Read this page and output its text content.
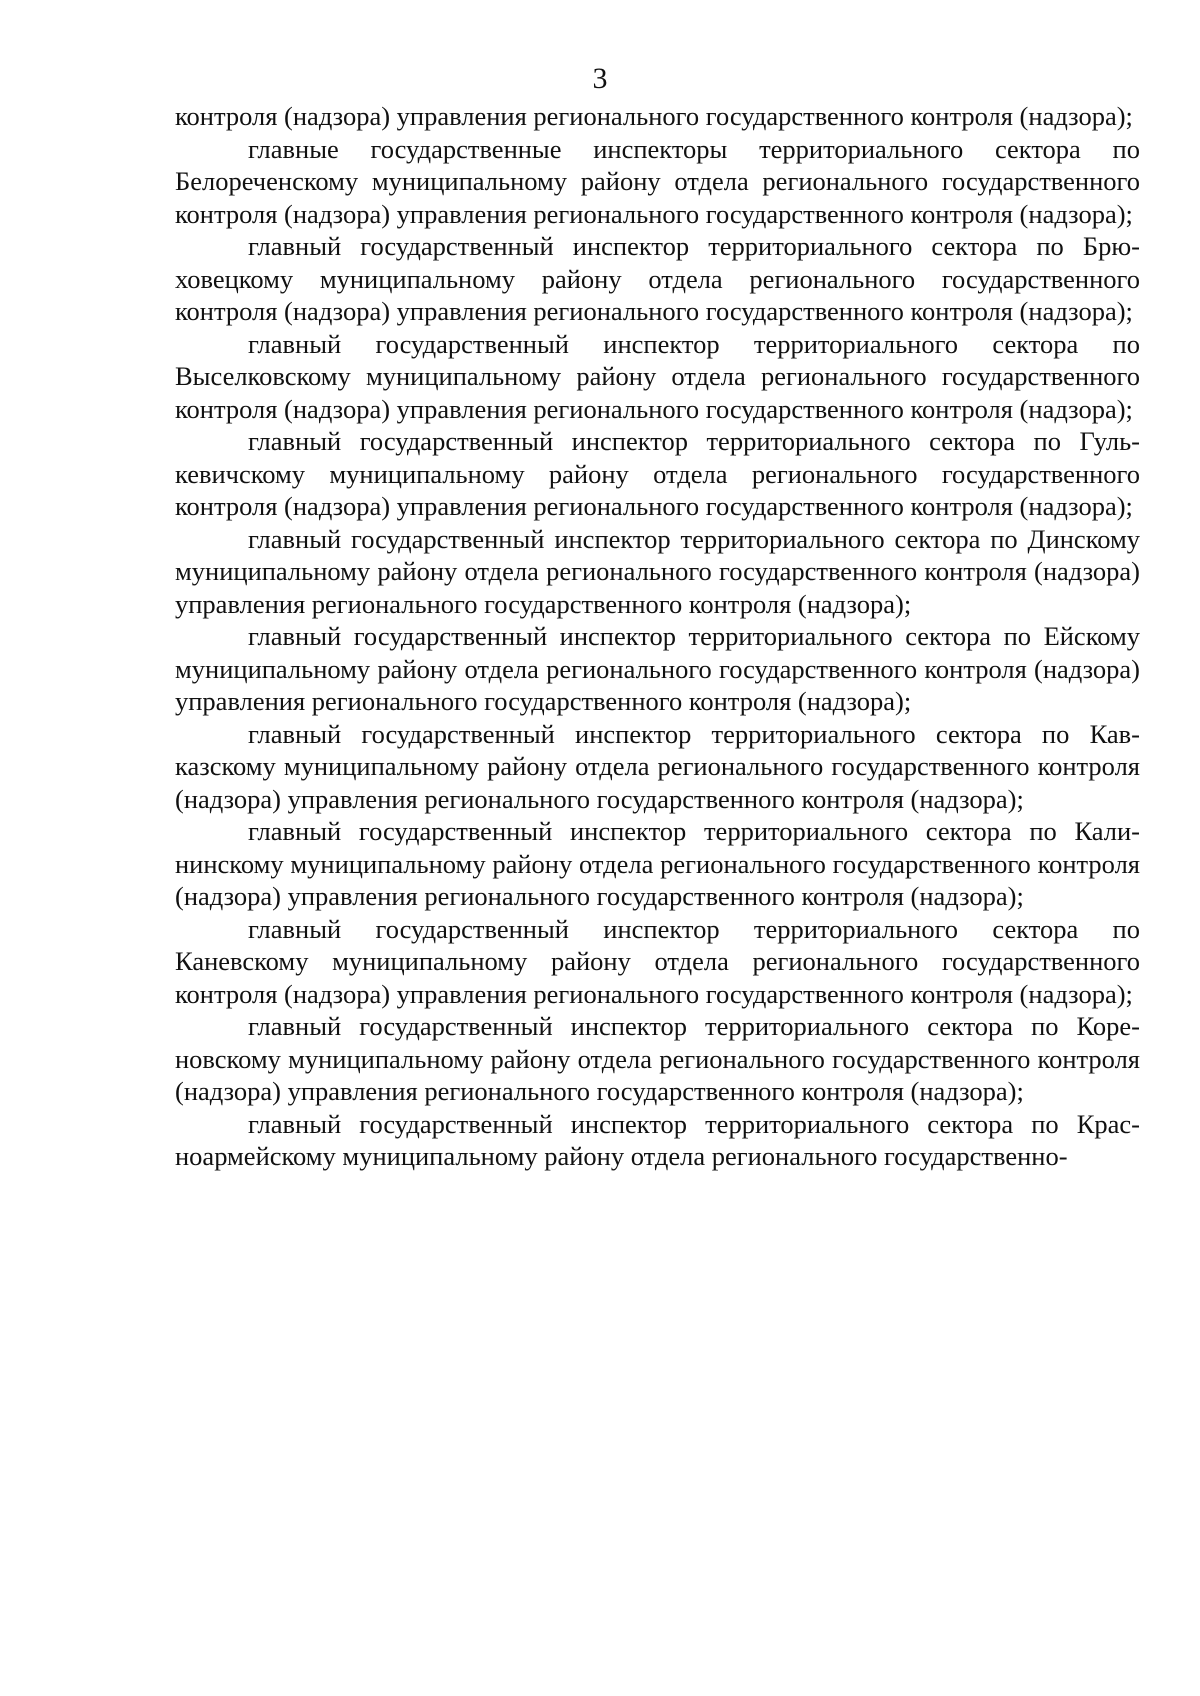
3

контроля (надзора) управления регионального государственного контроля (надзора);

главные государственные инспекторы территориального сектора по Белореченскому муниципальному району отдела регионального государственного контроля (надзора) управления регионального государственного контроля (надзора);

главный государственный инспектор территориального сектора по Брюховецкому муниципальному району отдела регионального государственного контроля (надзора) управления регионального государственного контроля (надзора);

главный государственный инспектор территориального сектора по Выселковскому муниципальному району отдела регионального государственного контроля (надзора) управления регионального государственного контроля (надзора);

главный государственный инспектор территориального сектора по Гулькевичскому муниципальному району отдела регионального государственного контроля (надзора) управления регионального государственного контроля (надзора);

главный государственный инспектор территориального сектора по Динскому муниципальному району отдела регионального государственного контроля (надзора) управления регионального государственного контроля (надзора);

главный государственный инспектор территориального сектора по Ейскому муниципальному району отдела регионального государственного контроля (надзора) управления регионального государственного контроля (надзора);

главный государственный инспектор территориального сектора по Кавказскому муниципальному району отдела регионального государственного контроля (надзора) управления регионального государственного контроля (надзора);

главный государственный инспектор территориального сектора по Калининскому муниципальному району отдела регионального государственного контроля (надзора) управления регионального государственного контроля (надзора);

главный государственный инспектор территориального сектора по Каневскому муниципальному району отдела регионального государственного контроля (надзора) управления регионального государственного контроля (надзора);

главный государственный инспектор территориального сектора по Кореновскому муниципальному району отдела регионального государственного контроля (надзора) управления регионального государственного контроля (надзора);

главный государственный инспектор территориального сектора по Красноармейскому муниципальному району отдела регионального государственно-
